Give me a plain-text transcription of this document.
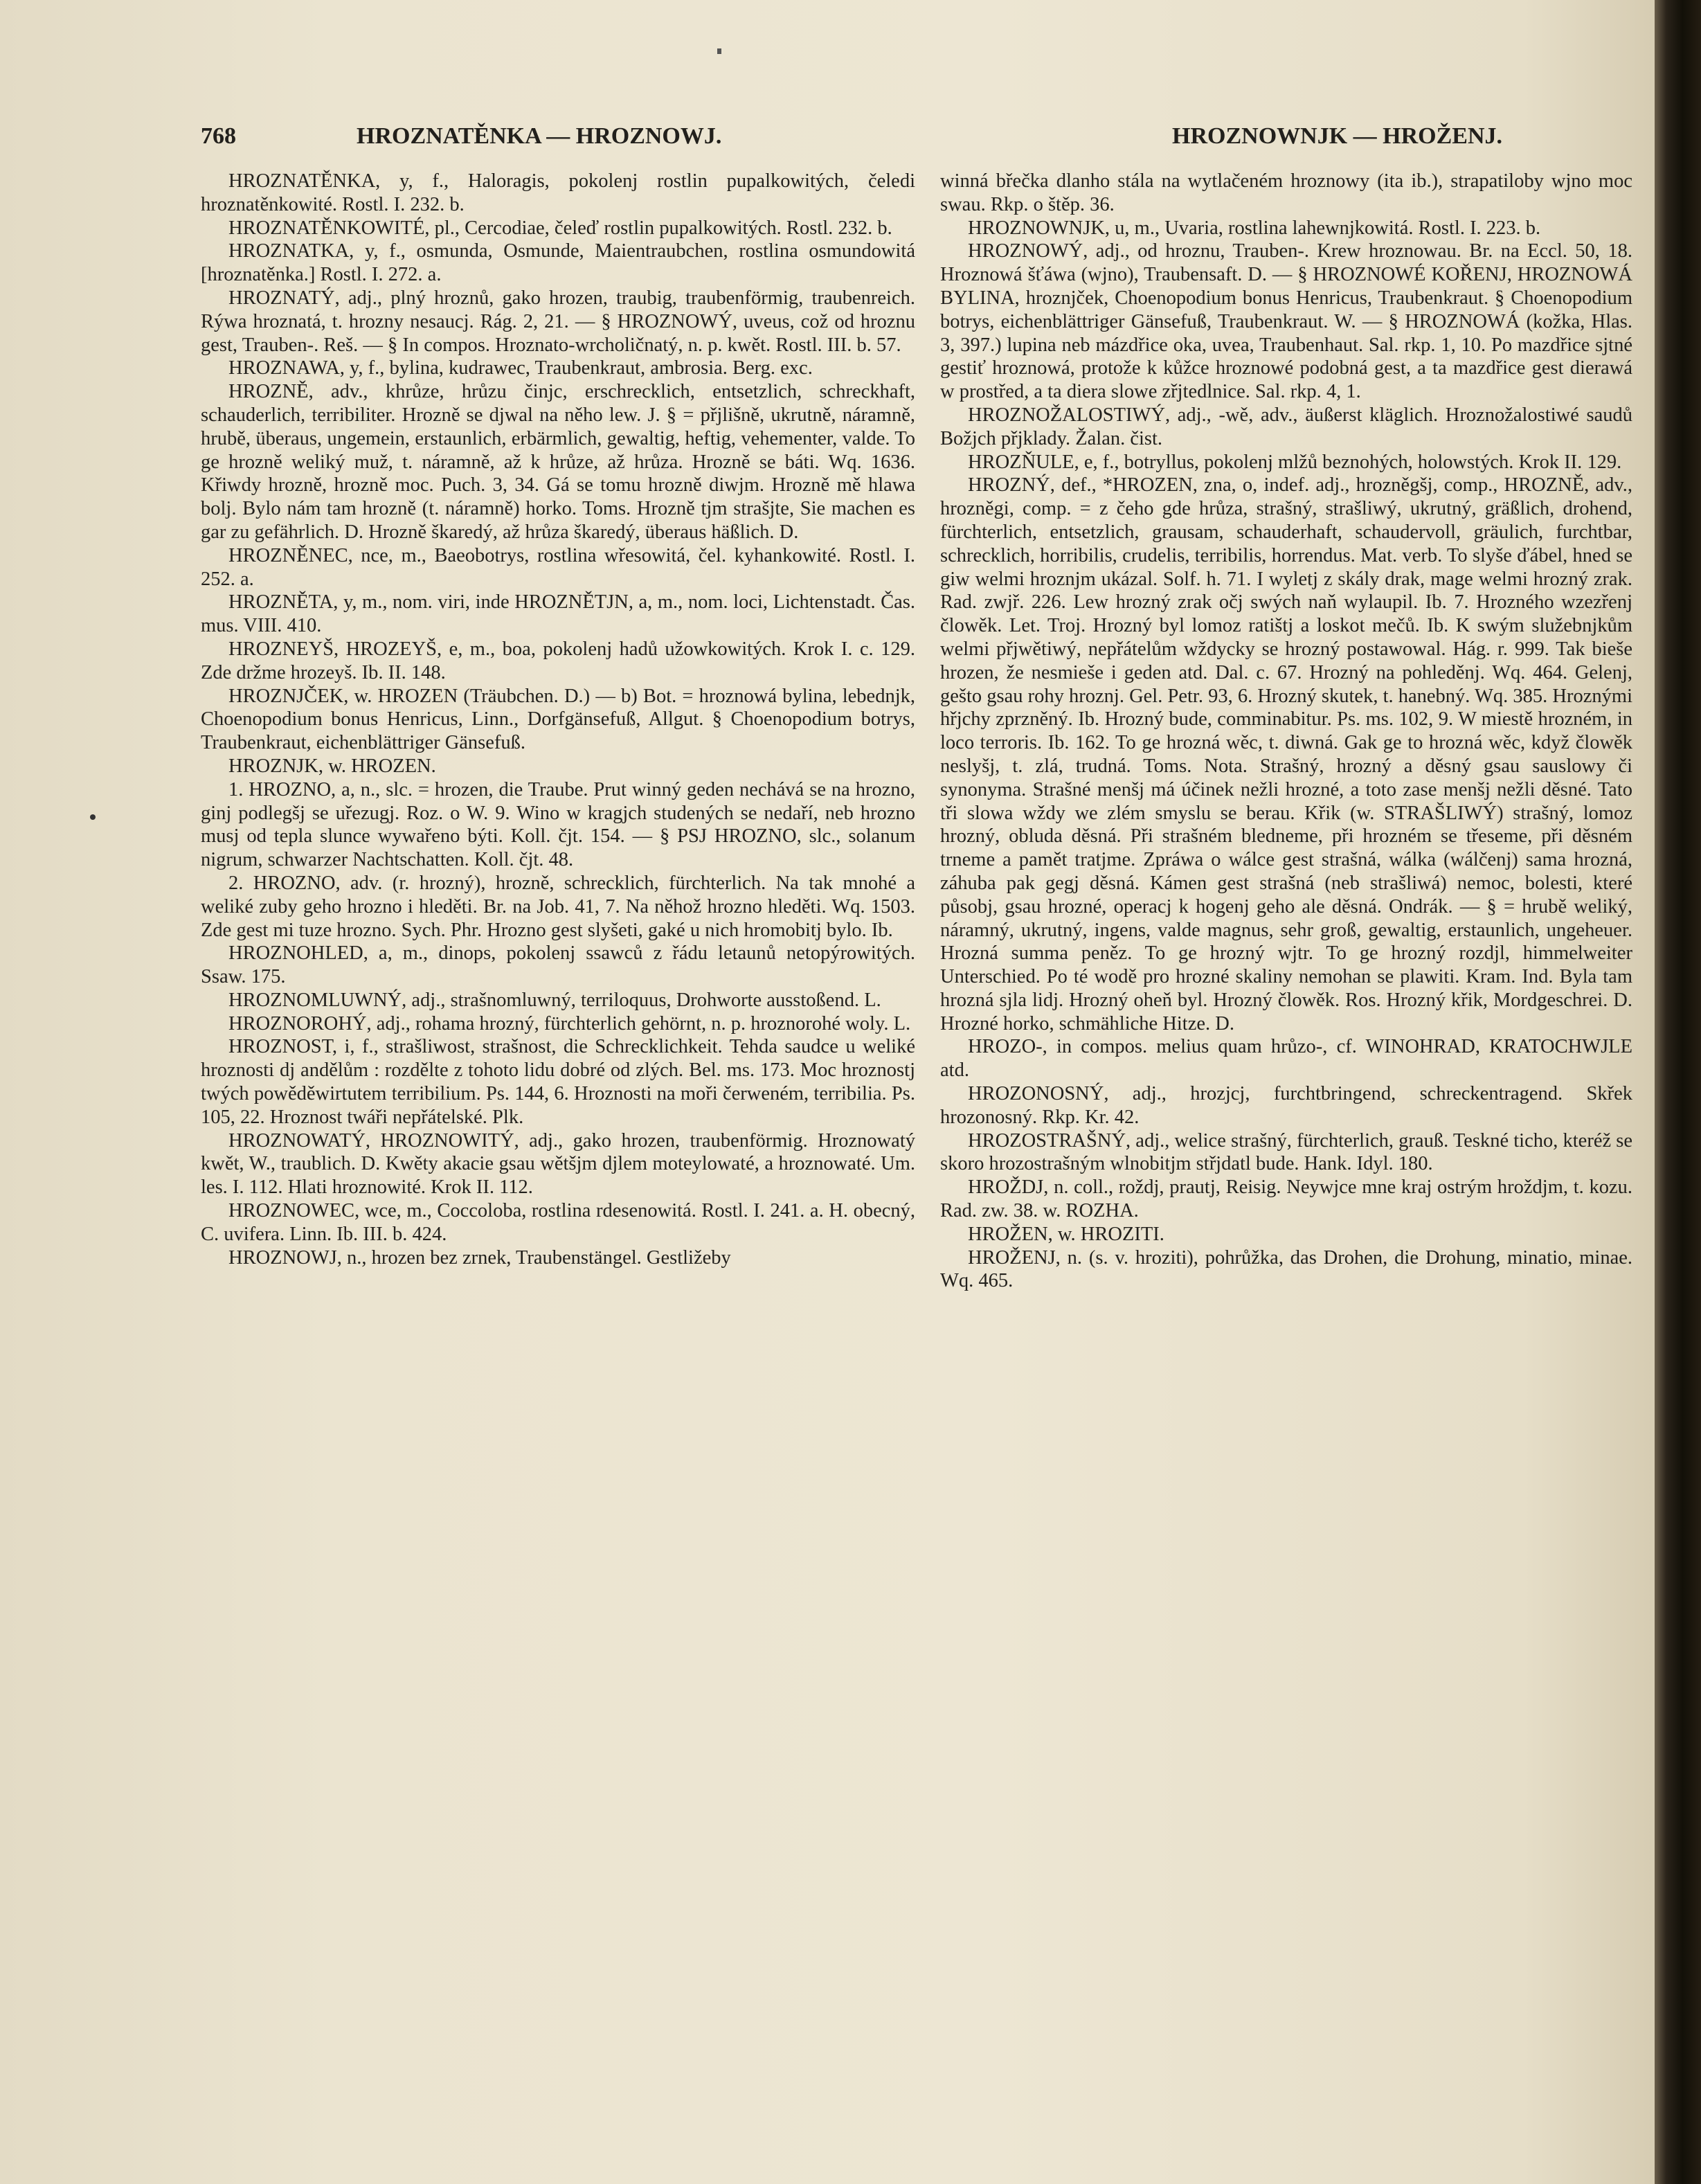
768	HROZNATĚNKA — HROZNOWJ.	HROZNOWNJK — HROŽENJ.

HROZNATĚNKA, y, f., Haloragis, pokolenj rostlin pupalkowitých, čeledi hroznatěnkowité. Rostl. I. 232. b.

HROZNATĚNKOWITÉ, pl., Cercodiae, čeleď rostlin pupalkowitých. Rostl. 232. b.

HROZNATKA, y, f., osmunda, Osmunde, Maientraubchen, rostlina osmundowitá [hroznatěnka.] Rostl. I. 272. a.

HROZNATÝ, adj., plný hroznů, gako hrozen, traubig, traubenförmig, traubenreich. Rýwa hroznatá, t. hrozny nesaucj. Rág. 2, 21. — § HROZNOWÝ, uveus, což od hroznu gest, Trauben-. Reš. — § In compos. Hroznato-wrcholičnatý, n. p. kwět. Rostl. III. b. 57.

HROZNAWA, y, f., bylina, kudrawec, Traubenkraut, ambrosia. Berg. exc.

HROZNĚ, adv., khrůze, hrůzu činjc, erschrecklich, entsetzlich, schreckhaft, schauderlich, terribiliter. Hrozně se djwal na něho lew. J. § = přjlišně, ukrutně, náramně, hrubě, überaus, ungemein, erstaunlich, erbärmlich, gewaltig, heftig, vehementer, valde. To ge hrozně weliký muž, t. náramně, až k hrůze, až hrůza. Hrozně se báti. Wq. 1636. Křiwdy hrozně, hrozně moc. Puch. 3, 34. Gá se tomu hrozně diwjm. Hrozně mě hlawa bolj. Bylo nám tam hrozně (t. náramně) horko. Toms. Hrozně tjm strašjte, Sie machen es gar zu gefährlich. D. Hrozně škaredý, až hrůza škaredý, überaus häßlich. D.

HROZNĚNEC, nce, m., Baeobotrys, rostlina wřesowitá, čel. kyhankowité. Rostl. I. 252. a.

HROZNĚTA, y, m., nom. viri, inde HROZNĚTJN, a, m., nom. loci, Lichtenstadt. Čas. mus. VIII. 410.

HROZNEYŠ, HROZEYŠ, e, m., boa, pokolenj hadů užowkowitých. Krok I. c. 129. Zde držme hrozeyš. Ib. II. 148.

HROZNJČEK, w. HROZEN (Träubchen. D.) — b) Bot. = hroznowá bylina, lebednjk, Choenopodium bonus Henricus, Linn., Dorfgänsefuß, Allgut. § Choenopodium botrys, Traubenkraut, eichenblättriger Gänsefuß.

HROZNJK, w. HROZEN.

1. HROZNO, a, n., slc. = hrozen, die Traube. Prut winný geden nechává se na hrozno, ginj podlegšj se uřezugj. Roz. o W. 9. Wino w kragjch studených se nedaří, neb hrozno musj od tepla slunce wywařeno býti. Koll. čjt. 154. — § PSJ HROZNO, slc., solanum nigrum, schwarzer Nachtschatten. Koll. čjt. 48.

2. HROZNO, adv. (r. hrozný), hrozně, schrecklich, fürchterlich. Na tak mnohé a weliké zuby geho hrozno i hleděti. Br. na Job. 41, 7. Na něhož hrozno hleděti. Wq. 1503. Zde gest mi tuze hrozno. Sych. Phr. Hrozno gest slyšeti, gaké u nich hromobitj bylo. Ib.

HROZNOHLED, a, m., dinops, pokolenj ssawců z řádu letaunů netopýrowitých. Ssaw. 175.

HROZNOMLUWNÝ, adj., strašnomluwný, terriloquus, Drohworte ausstoßend. L.

HROZNOROHÝ, adj., rohama hrozný, fürchterlich gehörnt, n. p. hroznorohé woly. L.

HROZNOST, i, f., strašliwost, strašnost, die Schrecklichkeit. Tehda saudce u weliké hroznosti dj andělům : rozdělte z tohoto lidu dobré od zlých. Bel. ms. 173. Moc hroznostj twých powěděwirtutem terribilium. Ps. 144, 6. Hroznosti na moři čerweném, terribilia. Ps. 105, 22. Hroznost twáři nepřátelské. Plk.

HROZNOWATÝ, HROZNOWITÝ, adj., gako hrozen, traubenförmig. Hroznowatý kwět, W., traublich. D. Kwěty akacie gsau wětšjm djlem moteylowaté, a hroznowaté. Um. les. I. 112. Hlati hroznowité. Krok II. 112.

HROZNOWEC, wce, m., Coccoloba, rostlina rdesenowitá. Rostl. I. 241. a. H. obecný, C. uvifera. Linn. Ib. III. b. 424.

HROZNOWJ, n., hrozen bez zrnek, Traubenstängel. Gestližeby

winná břečka dlanho stála na wytlačeném hroznowy (ita ib.), strapatiloby wjno moc swau. Rkp. o štěp. 36.

HROZNOWNJK, u, m., Uvaria, rostlina lahewnjkowitá. Rostl. I. 223. b.

HROZNOWÝ, adj., od hroznu, Trauben-. Krew hroznowau. Br. na Eccl. 50, 18. Hroznowá šťáwa (wjno), Traubensaft. D. — § HROZNOWÉ KOŘENJ, HROZNOWÁ BYLINA, hroznjček, Choenopodium bonus Henricus, Traubenkraut. § Choenopodium botrys, eichenblättriger Gänsefuß, Traubenkraut. W. — § HROZNOWÁ (kožka, Hlas. 3, 397.) lupina neb mázdřice oka, uvea, Traubenhaut. Sal. rkp. 1, 10. Po mazdřice sjtné gestiť hroznowá, protože k kůžce hroznowé podobná gest, a ta mazdřice gest dierawá w prostřed, a ta diera slowe zřjtedlnice. Sal. rkp. 4, 1.

HROZNOŽALOSTIWÝ, adj., -wě, adv., äußerst kläglich. Hroznožalostiwé saudů Božjch přjklady. Žalan. čist.

HROZŇULE, e, f., botryllus, pokolenj mlžů beznohých, holowstých. Krok II. 129.

HROZNÝ, def., *HROZEN, zna, o, indef. adj., hrozněgšj, comp., HROZNĚ, adv., hrozněgi, comp. = z čeho gde hrůza, strašný, strašliwý, ukrutný, gräßlich, drohend, fürchterlich, entsetzlich, grausam, schauderhaft, schaudervoll, gräulich, furchtbar, schrecklich, horribilis, crudelis, terribilis, horrendus. Mat. verb. To slyše ďábel, hned se giw welmi hroznjm ukázal. Solf. h. 71. I wyletj z skály drak, mage welmi hrozný zrak. Rad. zwjř. 226. Lew hrozný zrak očj swých naň wylaupil. Ib. 7. Hrozného wzezřenj člowěk. Let. Troj. Hrozný byl lomoz ratištj a loskot mečů. Ib. K swým služebnjkům welmi přjwětiwý, nepřátelům wždycky se hrozný postawowal. Hág. r. 999. Tak bieše hrozen, že nesmieše i geden atd. Dal. c. 67. Hrozný na pohleděnj. Wq. 464. Gelenj, gešto gsau rohy hroznj. Gel. Petr. 93, 6. Hrozný skutek, t. hanebný. Wq. 385. Hroznými hřjchy zprzněný. Ib. Hrozný bude, comminabitur. Ps. ms. 102, 9. W miestě hrozném, in loco terroris. Ib. 162. To ge hrozná wěc, t. diwná. Gak ge to hrozná wěc, když člowěk neslyšj, t. zlá, trudná. Toms. Nota. Strašný, hrozný a děsný gsau sauslowy či synonyma. Strašné menšj má účinek nežli hrozné, a toto zase menšj nežli děsné. Tato tři slowa wždy we zlém smyslu se berau. Křik (w. STRAŠLIWÝ) strašný, lomoz hrozný, obluda děsná. Při strašném bledneme, při hrozném se třeseme, při děsném trneme a pamět tratjme. Zpráwa o wálce gest strašná, wálka (wálčenj) sama hrozná, záhuba pak gegj děsná. Kámen gest strašná (neb strašliwá) nemoc, bolesti, které působj, gsau hrozné, operacj k hogenj geho ale děsná. Ondrák. — § = hrubě weliký, náramný, ukrutný, ingens, valde magnus, sehr groß, gewaltig, erstaunlich, ungeheuer. Hrozná summa peněz. To ge hrozný wjtr. To ge hrozný rozdjl, himmelweiter Unterschied. Po té wodě pro hrozné skaliny nemohan se plawiti. Kram. Ind. Byla tam hrozná sjla lidj. Hrozný oheň byl. Hrozný člowěk. Ros. Hrozný křik, Mordgeschrei. D. Hrozné horko, schmähliche Hitze. D.

HROZO-, in compos. melius quam hrůzo-, cf. WINOHRAD, KRATOCHWJLE atd.

HROZONOSNÝ, adj., hrozjcj, furchtbringend, schreckentragend. Skřek hrozonosný. Rkp. Kr. 42.

HROZOSTRAŠNÝ, adj., welice strašný, fürchterlich, grauß. Teskné ticho, kteréž se skoro hrozostrašným wlnobitjm střjdatl bude. Hank. Idyl. 180.

HROŽDJ, n. coll., roždj, prautj, Reisig. Neywjce mne kraj ostrým hroždjm, t. kozu. Rad. zw. 38. w. ROZHA.

HROŽEN, w. HROZITI.

HROŽENJ, n. (s. v. hroziti), pohrůžka, das Drohen, die Drohung, minatio, minae. Wq. 465.
